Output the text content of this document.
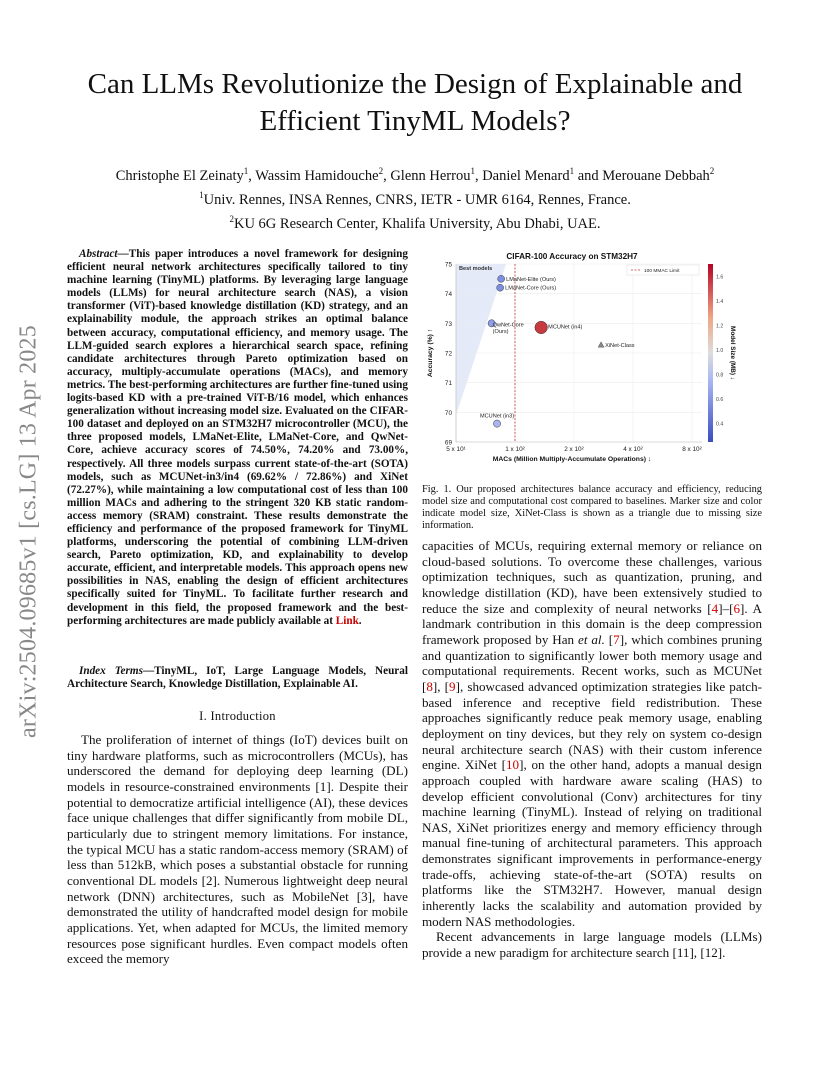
arXiv:2504.09685v1 [cs.LG] 13 Apr 2025
Can LLMs Revolutionize the Design of Explainable and Efficient TinyML Models?
Christophe El Zeinaty$^1$, Wassim Hamidouche$^2$, Glenn Herrou$^1$, Daniel Menard$^1$ and Merouane Debbah$^2$
$^1$Univ. Rennes, INSA Rennes, CNRS, IETR - UMR 6164, Rennes, France.
$^2$KU 6G Research Center, Khalifa University, Abu Dhabi, UAE.
Abstract—This paper introduces a novel framework for designing efficient neural network architectures specifically tailored to tiny machine learning (TinyML) platforms. By leveraging large language models (LLMs) for neural architecture search (NAS), a vision transformer (ViT)-based knowledge distillation (KD) strategy, and an explainability module, the approach strikes an optimal balance between accuracy, computational efficiency, and memory usage. The LLM-guided search explores a hierarchical search space, refining candidate architectures through Pareto optimization based on accuracy, multiply-accumulate operations (MACs), and memory metrics. The best-performing architectures are further fine-tuned using logits-based KD with a pre-trained ViT-B/16 model, which enhances generalization without increasing model size. Evaluated on the CIFAR-100 dataset and deployed on an STM32H7 microcontroller (MCU), the three proposed models, LMaNet-Elite, LMaNet-Core, and QwNet-Core, achieve accuracy scores of 74.50%, 74.20% and 73.00%, respectively. All three models surpass current state-of-the-art (SOTA) models, such as MCUNet-in3/in4 (69.62% / 72.86%) and XiNet (72.27%), while maintaining a low computational cost of less than 100 million MACs and adhering to the stringent 320 KB static random-access memory (SRAM) constraint. These results demonstrate the efficiency and performance of the proposed framework for TinyML platforms, underscoring the potential of combining LLM-driven search, Pareto optimization, KD, and explainability to develop accurate, efficient, and interpretable models. This approach opens new possibilities in NAS, enabling the design of efficient architectures specifically suited for TinyML. To facilitate further research and development in this field, the proposed framework and the best-performing architectures are made publicly available at Link.
Index Terms—TinyML, IoT, Large Language Models, Neural Architecture Search, Knowledge Distillation, Explainable AI.
I. Introduction
The proliferation of internet of things (IoT) devices built on tiny hardware platforms, such as microcontrollers (MCUs), has underscored the demand for deploying deep learning (DL) models in resource-constrained environments [1]. Despite their potential to democratize artificial intelligence (AI), these devices face unique challenges that differ significantly from mobile DL, particularly due to stringent memory limitations. For instance, the typical MCU has a static random-access memory (SRAM) of less than 512kB, which poses a substantial obstacle for running conventional DL models [2]. Numerous lightweight deep neural network (DNN) architectures, such as MobileNet [3], have demonstrated the utility of handcrafted model design for mobile applications. Yet, when adapted for MCUs, the limited memory resources pose significant hurdles. Even compact models often exceed the memory
CIFAR-100 Accuracy on STM32H7
Best models
69
70
71
72
73
74
75
5 x 10¹	1 x 10²	2 x 10²	4 x 10²	8 x 10²
100 MMAC Limit
LMaNet-Elite (Ours)
LMaNet-Core (Ours)
QwNet-Core
(Ours)
MCUNet (in4)
XiNet-Class
MCUNet (in3)
0.4
0.6
0.8
1.0
1.2
1.4
1.6
MACs (Million Multiply-Accumulate Operations) ↓
Accuracy (%) ↑	Model Size (MB) ↓
Fig. 1. Our proposed architectures balance accuracy and efficiency, reducing model size and computational cost compared to baselines. Marker size and color indicate model size, XiNet-Class is shown as a triangle due to missing size information.
capacities of MCUs, requiring external memory or reliance on cloud-based solutions. To overcome these challenges, various optimization techniques, such as quantization, pruning, and knowledge distillation (KD), have been extensively studied to reduce the size and complexity of neural networks [4]–[6]. A landmark contribution in this domain is the deep compression framework proposed by Han et al. [7], which combines pruning and quantization to significantly lower both memory usage and computational requirements. Recent works, such as MCUNet [8], [9], showcased advanced optimization strategies like patch-based inference and receptive field redistribution. These approaches significantly reduce peak memory usage, enabling deployment on tiny devices, but they rely on system co-design neural architecture search (NAS) with their custom inference engine. XiNet [10], on the other hand, adopts a manual design approach coupled with hardware aware scaling (HAS) to develop efficient convolutional (Conv) architectures for tiny machine learning (TinyML). Instead of relying on traditional NAS, XiNet prioritizes energy and memory efficiency through manual fine-tuning of architectural parameters. This approach demonstrates significant improvements in performance-energy trade-offs, achieving state-of-the-art (SOTA) results on platforms like the STM32H7. However, manual design inherently lacks the scalability and automation provided by modern NAS methodologies.
Recent advancements in large language models (LLMs) provide a new paradigm for architecture search [11], [12].
